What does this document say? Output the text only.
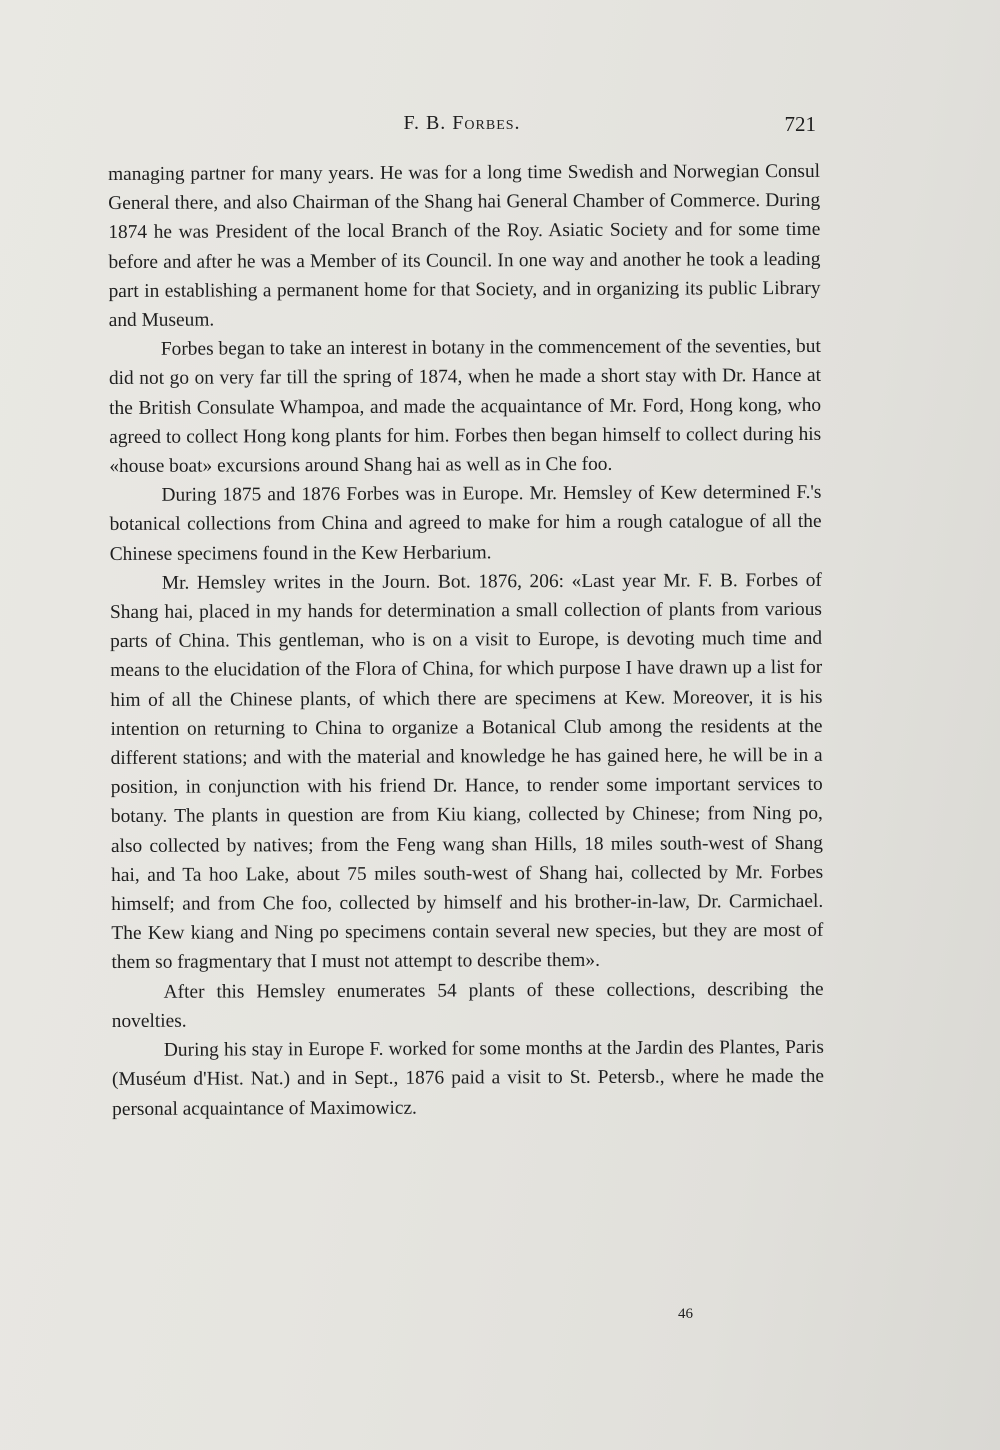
F. B. Forbes.	721

managing partner for many years. He was for a long time Swedish and Norwegian Consul General there, and also Chairman of the Shang hai General Chamber of Commerce. During 1874 he was President of the local Branch of the Roy. Asiatic Society and for some time before and after he was a Member of its Council. In one way and another he took a leading part in establishing a permanent home for that Society, and in organizing its public Library and Museum.

Forbes began to take an interest in botany in the commencement of the seventies, but did not go on very far till the spring of 1874, when he made a short stay with Dr. Hance at the British Consulate Whampoa, and made the acquaintance of Mr. Ford, Hong kong, who agreed to collect Hong kong plants for him. Forbes then began himself to collect during his «house boat» excursions around Shang hai as well as in Che foo.

During 1875 and 1876 Forbes was in Europe. Mr. Hemsley of Kew determined F.'s botanical collections from China and agreed to make for him a rough catalogue of all the Chinese specimens found in the Kew Herbarium.

Mr. Hemsley writes in the Journ. Bot. 1876, 206: «Last year Mr. F. B. Forbes of Shang hai, placed in my hands for determination a small collection of plants from various parts of China. This gentleman, who is on a visit to Europe, is devoting much time and means to the elucidation of the Flora of China, for which purpose I have drawn up a list for him of all the Chinese plants, of which there are specimens at Kew. Moreover, it is his intention on returning to China to organize a Botanical Club among the residents at the different stations; and with the material and knowledge he has gained here, he will be in a position, in conjunction with his friend Dr. Hance, to render some important services to botany. The plants in question are from Kiu kiang, collected by Chinese; from Ning po, also collected by natives; from the Feng wang shan Hills, 18 miles south-west of Shang hai, and Ta hoo Lake, about 75 miles south-west of Shang hai, collected by Mr. Forbes himself; and from Che foo, collected by himself and his brother-in-law, Dr. Carmichael. The Kew kiang and Ning po specimens contain several new species, but they are most of them so fragmentary that I must not attempt to describe them».

After this Hemsley enumerates 54 plants of these collections, describing the novelties.

During his stay in Europe F. worked for some months at the Jardin des Plantes, Paris (Muséum d'Hist. Nat.) and in Sept., 1876 paid a visit to St. Petersb., where he made the personal acquaintance of Maximowicz.

46
